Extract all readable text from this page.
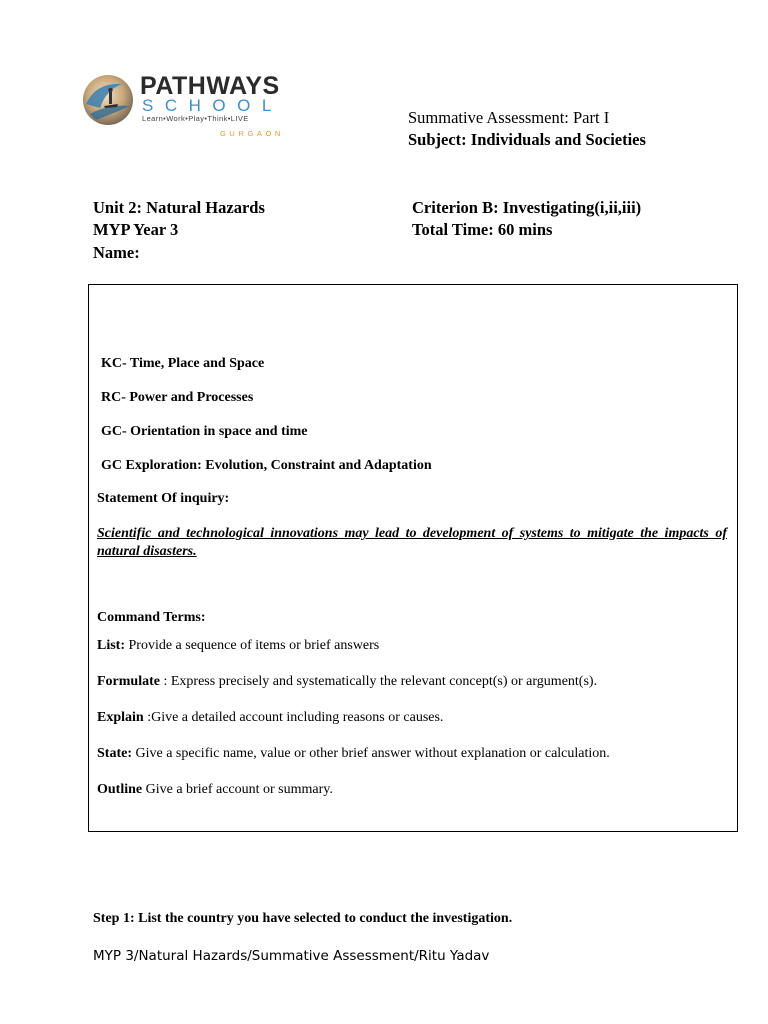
PATHWAYS
SCHOOL
Learn•Work•Play•Think•LIVE
GURGAON
Summative Assessment: Part I
Subject: Individuals and Societies
Unit 2: Natural Hazards
MYP Year 3
Name:
Criterion B: Investigating(i,ii,iii)
Total Time: 60 mins
KC- Time, Place and Space
RC- Power and Processes
GC- Orientation in space and time
GC Exploration: Evolution, Constraint and Adaptation
Statement Of inquiry:
Scientific and technological innovations may lead to development of systems to mitigate the impacts of natural disasters.
Command Terms:
List: Provide a sequence of items or brief answers
Formulate : Express precisely and systematically the relevant concept(s) or argument(s).
Explain :Give a detailed account including reasons or causes.
State: Give a specific name, value or other brief answer without explanation or calculation.
Outline Give a brief account or summary.
Step 1: List the country you have selected to conduct the investigation.
MYP 3/Natural Hazards/Summative Assessment/Ritu Yadav
